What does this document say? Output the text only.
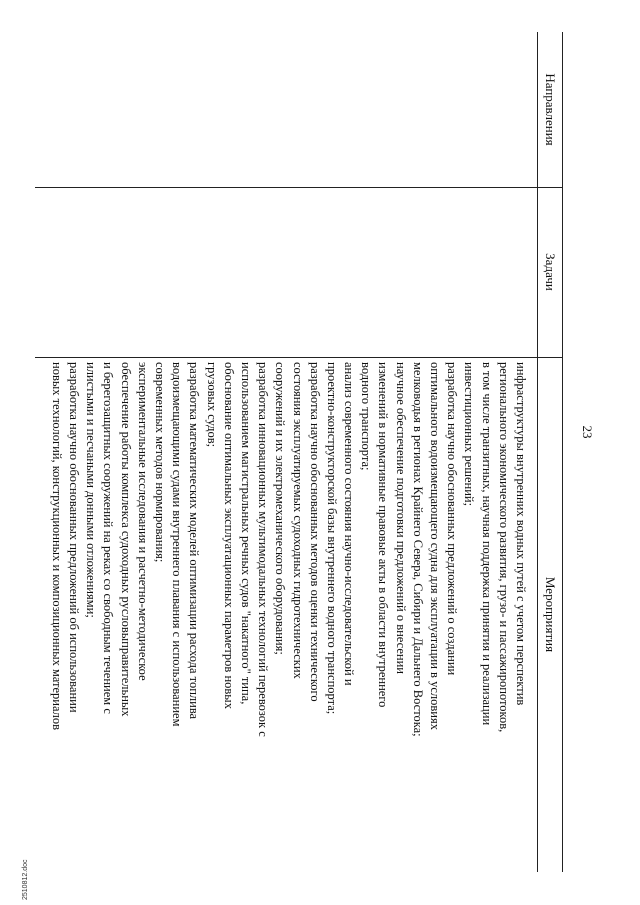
23
Направления
Задачи
Мероприятия
инфраструктуры внутренних водных путей с учетом перспектив
регионального экономического развития, грузо- и пассажиропотоков,
в том числе транзитных, научная поддержка принятия и реализации
инвестиционных решений;
разработка научно обоснованных предложений о создании
оптимального водоизмещающего судна для эксплуатации в условиях
мелководья в регионах Крайнего Севера, Сибири и Дальнего Востока;
научное обеспечение подготовки предложений о внесении
изменений в нормативные правовые акты в области внутреннего
водного транспорта;
анализ современного состояния научно-исследовательской и
проектно-конструкторской базы внутреннего водного транспорта;
разработка научно обоснованных методов оценки технического
состояния эксплуатируемых судоходных гидротехнических
сооружений и их электромеханического оборудования;
разработка инновационных мультимодальных технологий перевозок с
использованием магистральных речных судов "накатного" типа,
обоснование оптимальных эксплуатационных параметров новых
грузовых судов;
разработка математических моделей оптимизации расхода топлива
водоизмещающими судами внутреннего плавания с использованием
современных методов нормирования;
экспериментальные исследования и расчетно-методическое
обеспечение работы комплекса судоходных русловыправительных
и берегозащитных сооружений на реках со свободным течением с
илистыми и песчаными донными отложениями;
разработка научно обоснованных предложений об использовании
новых технологий, конструкционных и композиционных материалов
2510812.doc
